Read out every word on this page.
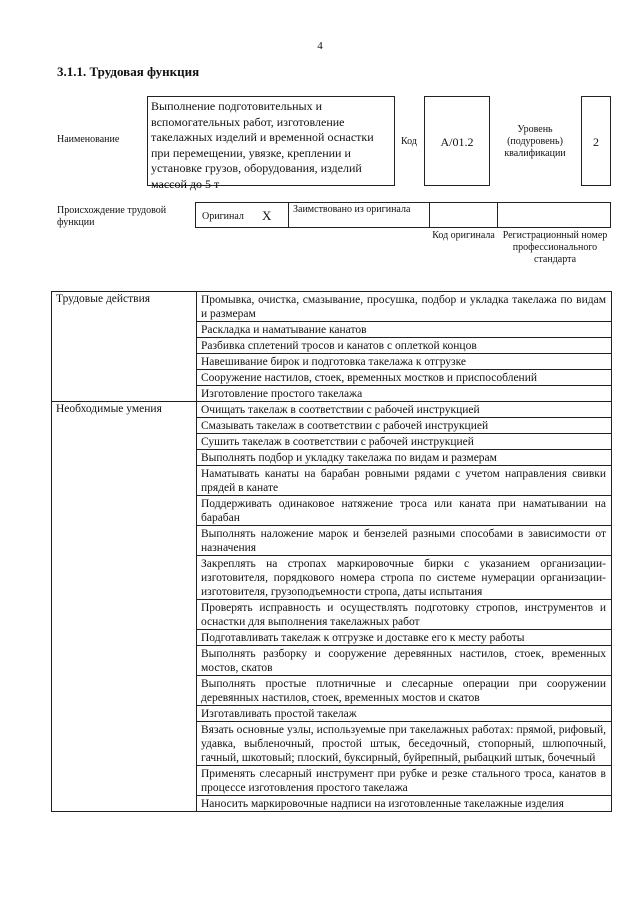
4
3.1.1. Трудовая функция
Наименование
Выполнение подготовительных и вспомогательных работ, изготовление такелажных изделий и временной оснастки при перемещении, увязке, креплении и установке грузов, оборудования, изделий массой до 5 т
Код	A/01.2
Уровень (подуровень) квалификации
2
Происхождение трудовой функции
Оригинал X Заимствовано из оригинала
Код оригинала Регистрационный номер профессионального стандарта
Трудовые действия	Промывка, очистка, смазывание, просушка, подбор и укладка такелажа по видам и размерам
	Раскладка и наматывание канатов
	Разбивка сплетений тросов и канатов с оплеткой концов
	Навешивание бирок и подготовка такелажа к отгрузке
	Сооружение настилов, стоек, временных мостков и приспособлений
	Изготовление простого такелажа
Необходимые умения	Очищать такелаж в соответствии с рабочей инструкцией
	Смазывать такелаж в соответствии с рабочей инструкцией
	Сушить такелаж в соответствии с рабочей инструкцией
	Выполнять подбор и укладку такелажа по видам и размерам
	Наматывать канаты на барабан ровными рядами с учетом направления свивки прядей в канате
	Поддерживать одинаковое натяжение троса или каната при наматывании на барабан
	Выполнять наложение марок и бензелей разными способами в зависимости от назначения
	Закреплять на стропах маркировочные бирки с указанием организации-изготовителя, порядкового номера стропа по системе нумерации организации-изготовителя, грузоподъемности стропа, даты испытания
	Проверять исправность и осуществлять подготовку стропов, инструментов и оснастки для выполнения такелажных работ
	Подготавливать такелаж к отгрузке и доставке его к месту работы
	Выполнять разборку и сооружение деревянных настилов, стоек, временных мостов, скатов
	Выполнять простые плотничные и слесарные операции при сооружении деревянных настилов, стоек, временных мостов и скатов
	Изготавливать простой такелаж
	Вязать основные узлы, используемые при такелажных работах: прямой, рифовый, удавка, выбленочный, простой штык, беседочный, стопорный, шлюпочный, гачный, шкотовый; плоский, буксирный, буйрепный, рыбацкий штык, бочечный
	Применять слесарный инструмент при рубке и резке стального троса, канатов в процессе изготовления простого такелажа
	Наносить маркировочные надписи на изготовленные такелажные изделия
